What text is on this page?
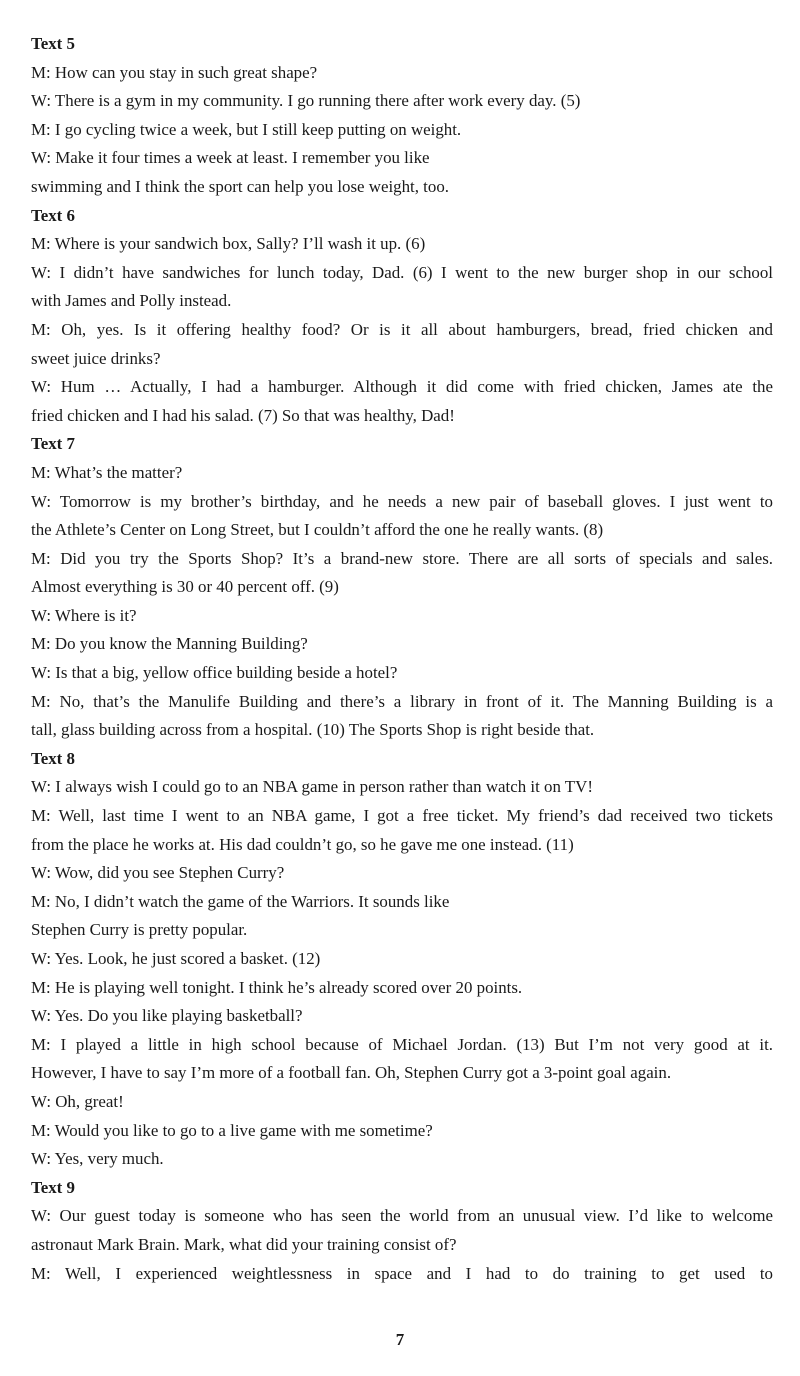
Text 5

M: How can you stay in such great shape?

W: There is a gym in my community. I go running there after work every day. (5)

M: I go cycling twice a week, but I still keep putting on weight.

W: Make it four times a week at least. I remember you like

swimming and I think the sport can help you lose weight, too.

Text 6

M: Where is your sandwich box, Sally? I’ll wash it up. (6)

W: I didn’t have sandwiches for lunch today, Dad. (6) I went to the new burger shop in our school

with James and Polly instead.

M: Oh, yes. Is it offering healthy food? Or is it all about hamburgers, bread, fried chicken and

sweet juice drinks?

W: Hum … Actually, I had a hamburger. Although it did come with fried chicken, James ate the

fried chicken and I had his salad. (7) So that was healthy, Dad!

Text 7

M: What’s the matter?

W: Tomorrow is my brother’s birthday, and he needs a new pair of baseball gloves. I just went to

the Athlete’s Center on Long Street, but I couldn’t afford the one he really wants. (8)

M: Did you try the Sports Shop? It’s a brand-new store. There are all sorts of specials and sales.

Almost everything is 30 or 40 percent off. (9)

W: Where is it?

M: Do you know the Manning Building?

W: Is that a big, yellow office building beside a hotel?

M: No, that’s the Manulife Building and there’s a library in front of it. The Manning Building is a

tall, glass building across from a hospital. (10) The Sports Shop is right beside that.

Text 8

W: I always wish I could go to an NBA game in person rather than watch it on TV!

M: Well, last time I went to an NBA game, I got a free ticket. My friend’s dad received two tickets

from the place he works at. His dad couldn’t go, so he gave me one instead. (11)

W: Wow, did you see Stephen Curry?

M: No, I didn’t watch the game of the Warriors. It sounds like

Stephen Curry is pretty popular.

W: Yes. Look, he just scored a basket. (12)

M: He is playing well tonight. I think he’s already scored over 20 points.

W: Yes. Do you like playing basketball?

M: I played a little in high school because of Michael Jordan. (13) But I’m not very good at it.

However, I have to say I’m more of a football fan. Oh, Stephen Curry got a 3-point goal again.

W: Oh, great!

M: Would you like to go to a live game with me sometime?

W: Yes, very much.

Text 9

W: Our guest today is someone who has seen the world from an unusual view. I’d like to welcome

astronaut Mark Brain. Mark, what did your training consist of?

M: Well, I experienced weightlessness in space and I had to do training to get used to

7
